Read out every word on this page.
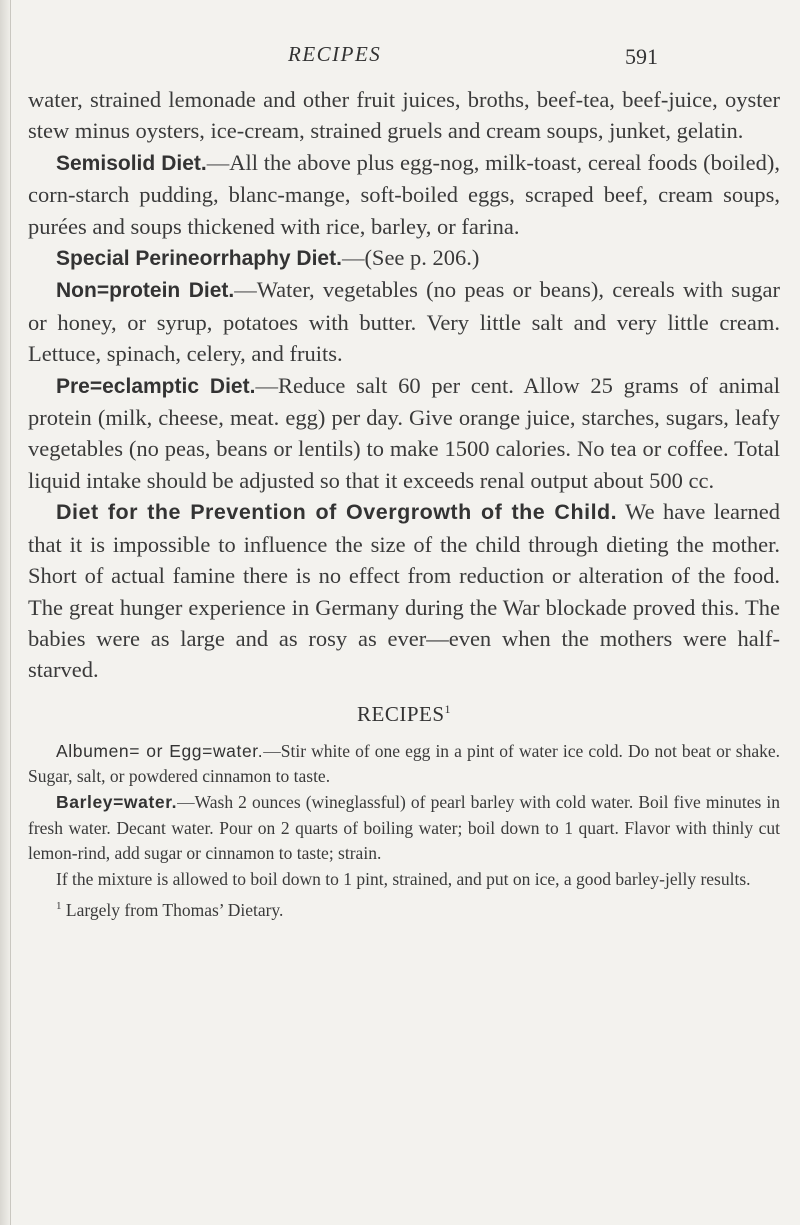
RECIPES	591

water, strained lemonade and other fruit juices, broths, beef-tea, beef-juice, oyster stew minus oysters, ice-cream, strained gruels and cream soups, junket, gelatin.

Semisolid Diet.—All the above plus egg-nog, milk-toast, cereal foods (boiled), corn-starch pudding, blanc-mange, soft-boiled eggs, scraped beef, cream soups, purées and soups thickened with rice, barley, or farina.

Special Perineorrhaphy Diet.—(See p. 206.)

Non=protein Diet.—Water, vegetables (no peas or beans), cereals with sugar or honey, or syrup, potatoes with butter. Very little salt and very little cream. Lettuce, spinach, celery, and fruits.

Pre=eclamptic Diet.—Reduce salt 60 per cent. Allow 25 grams of animal protein (milk, cheese, meat. egg) per day. Give orange juice, starches, sugars, leafy vegetables (no peas, beans or lentils) to make 1500 calories. No tea or coffee. Total liquid intake should be adjusted so that it exceeds renal output about 500 cc.

Diet for the Prevention of Overgrowth of the Child. We have learned that it is impossible to influence the size of the child through dieting the mother. Short of actual famine there is no effect from reduction or alteration of the food. The great hunger experience in Germany during the War blockade proved this. The babies were as large and as rosy as ever—even when the mothers were half-starved.

RECIPES$^1$

Albumen= or Egg=water.—Stir white of one egg in a pint of water ice cold. Do not beat or shake. Sugar, salt, or powdered cinnamon to taste.

Barley=water.—Wash 2 ounces (wineglassful) of pearl barley with cold water. Boil five minutes in fresh water. Decant water. Pour on 2 quarts of boiling water; boil down to 1 quart. Flavor with thinly cut lemon-rind, add sugar or cinnamon to taste; strain.

If the mixture is allowed to boil down to 1 pint, strained, and put on ice, a good barley-jelly results.

$^1$ Largely from Thomas’ Dietary.
